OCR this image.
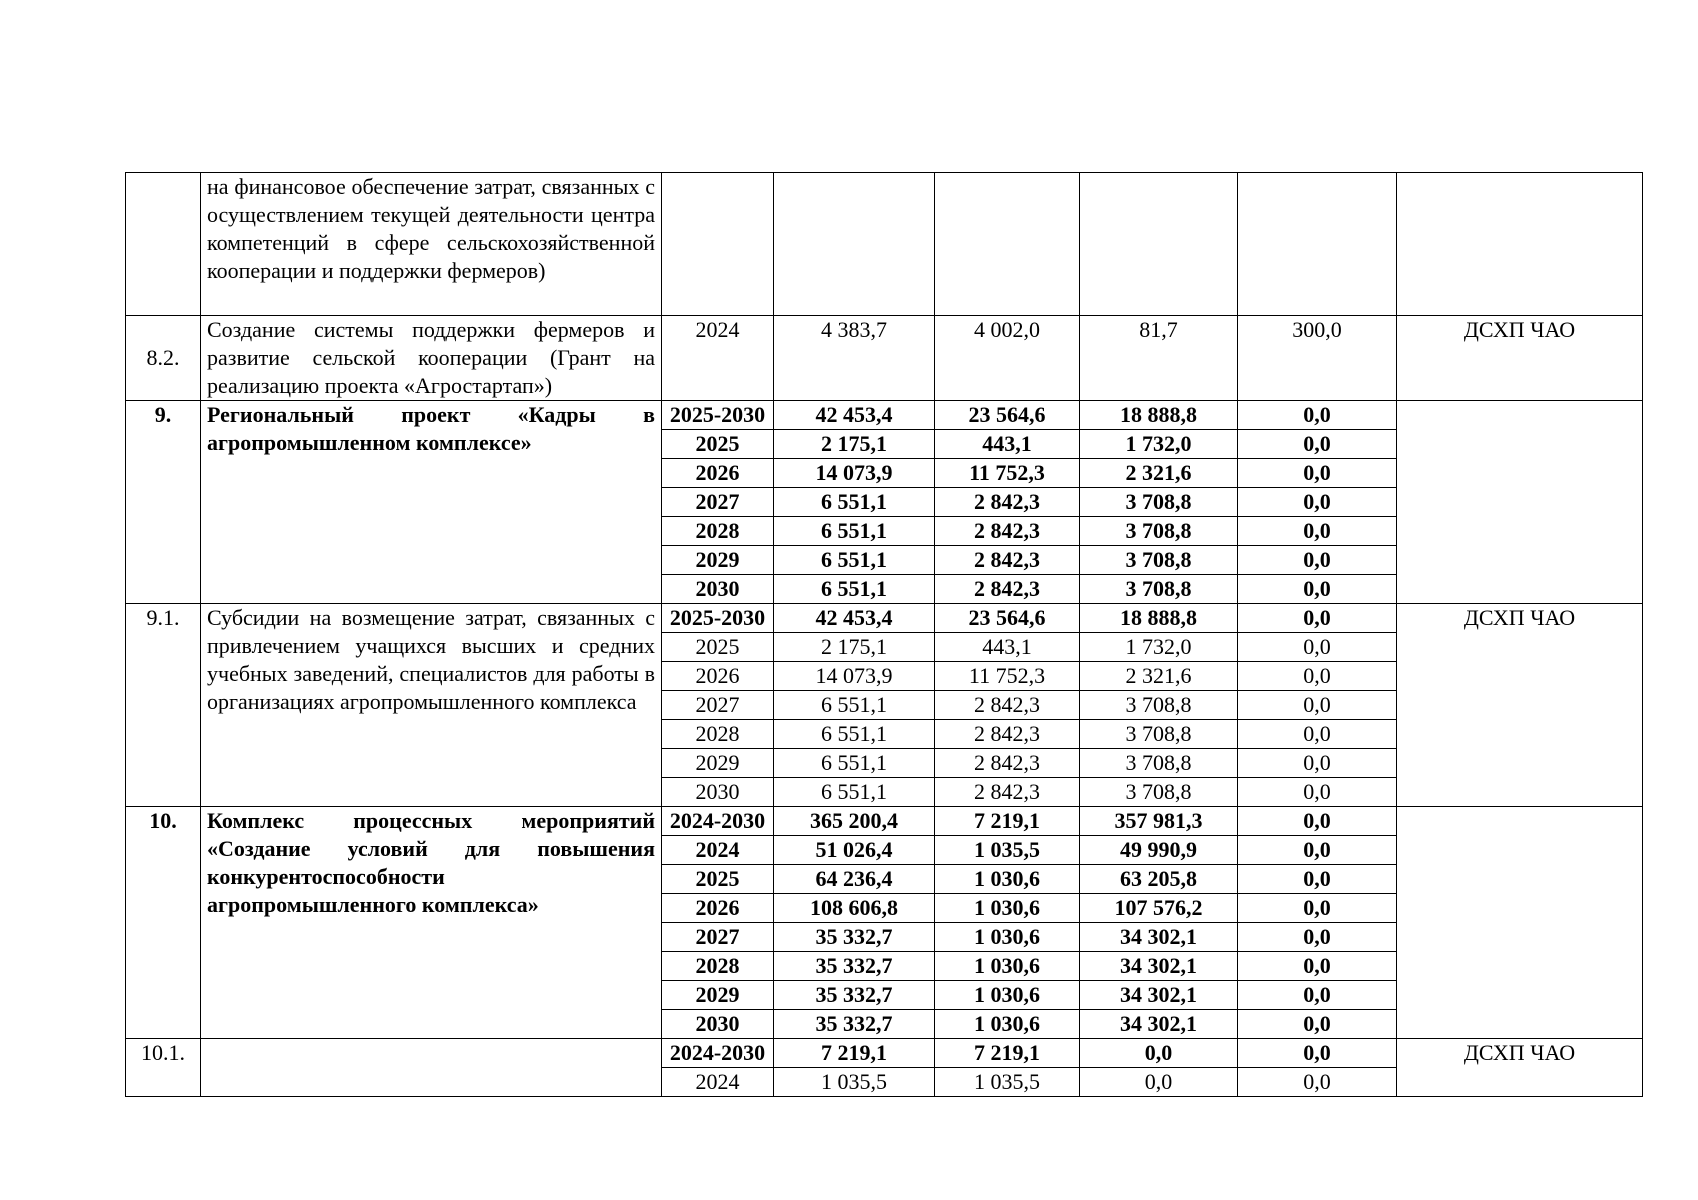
	на финансовое обеспечение затрат, связанных с осуществлением текущей деятельности центра компетенций в сфере сельскохозяйственной кооперации и поддержки фермеров)						
8.2.	Создание системы поддержки фермеров и развитие сельской кооперации (Грант на реализацию проекта «Агростартап»)	2024	4 383,7	4 002,0	81,7	300,0	ДСХП ЧАО
9.	Региональный проект «Кадры в агропромышленном комплексе»	2025-2030	42 453,4	23 564,6	18 888,8	0,0	
		2025	2 175,1	443,1	1 732,0	0,0	
		2026	14 073,9	11 752,3	2 321,6	0,0	
		2027	6 551,1	2 842,3	3 708,8	0,0	
		2028	6 551,1	2 842,3	3 708,8	0,0	
		2029	6 551,1	2 842,3	3 708,8	0,0	
		2030	6 551,1	2 842,3	3 708,8	0,0	
9.1.	Субсидии на возмещение затрат, связанных с привлечением учащихся высших и средних учебных заведений, специалистов для работы в организациях агропромышленного комплекса	2025-2030	42 453,4	23 564,6	18 888,8	0,0	ДСХП ЧАО
		2025	2 175,1	443,1	1 732,0	0,0	
		2026	14 073,9	11 752,3	2 321,6	0,0	
		2027	6 551,1	2 842,3	3 708,8	0,0	
		2028	6 551,1	2 842,3	3 708,8	0,0	
		2029	6 551,1	2 842,3	3 708,8	0,0	
		2030	6 551,1	2 842,3	3 708,8	0,0	
10.	Комплекс процессных мероприятий «Создание условий для повышения конкурентоспособности агропромышленного комплекса»	2024-2030	365 200,4	7 219,1	357 981,3	0,0	
		2024	51 026,4	1 035,5	49 990,9	0,0	
		2025	64 236,4	1 030,6	63 205,8	0,0	
		2026	108 606,8	1 030,6	107 576,2	0,0	
		2027	35 332,7	1 030,6	34 302,1	0,0	
		2028	35 332,7	1 030,6	34 302,1	0,0	
		2029	35 332,7	1 030,6	34 302,1	0,0	
		2030	35 332,7	1 030,6	34 302,1	0,0	
10.1.		2024-2030	7 219,1	7 219,1	0,0	0,0	ДСХП ЧАО
		2024	1 035,5	1 035,5	0,0	0,0	
